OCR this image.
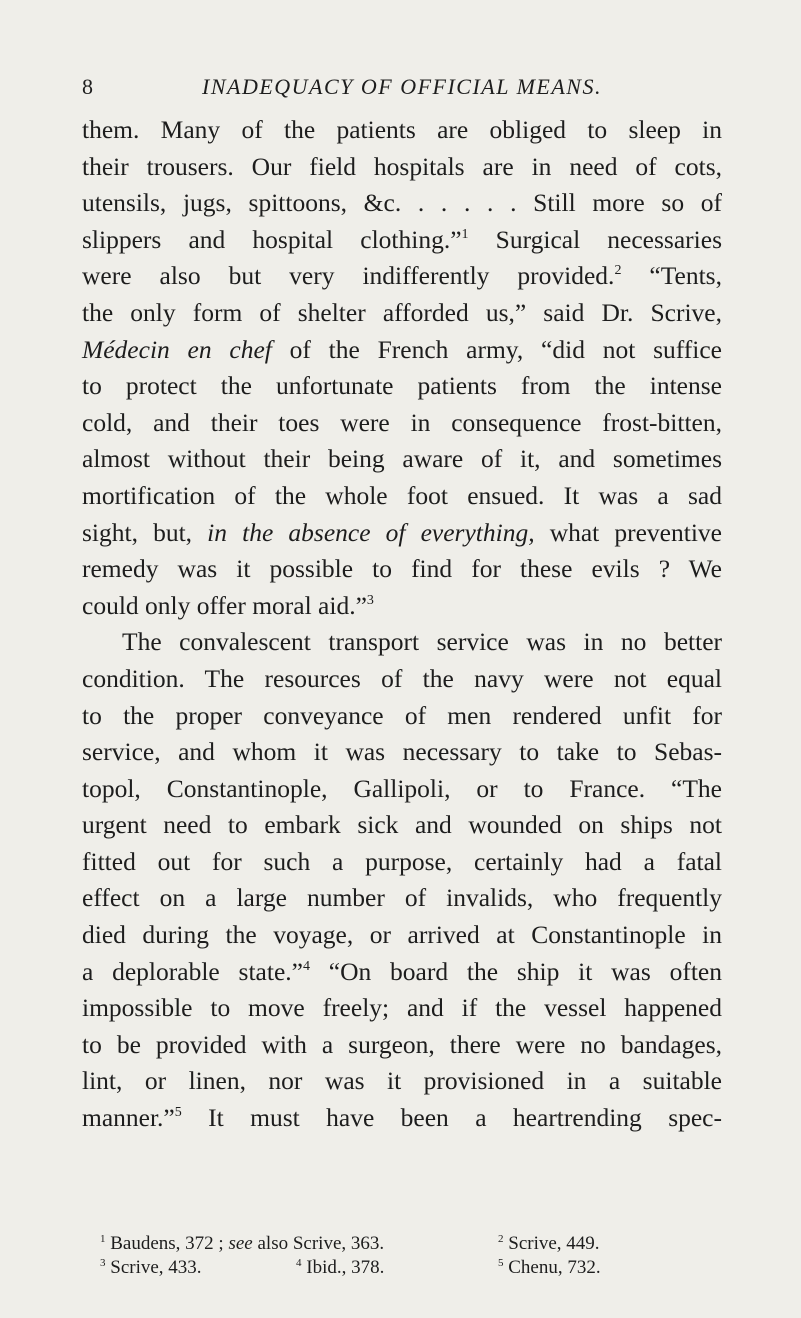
8	INADEQUACY OF OFFICIAL MEANS.
them. Many of the patients are obliged to sleep in
their trousers. Our field hospitals are in need of cots,
utensils, jugs, spittoons, &c. . . . . . Still more so of
slippers and hospital clothing.”$^1$ Surgical necessaries
were also but very indifferently provided.$^2$ “Tents,
the only form of shelter afforded us,” said Dr. Scrive,
Médecin en chef of the French army, “did not suffice
to protect the unfortunate patients from the intense
cold, and their toes were in consequence frost-bitten,
almost without their being aware of it, and sometimes
mortification of the whole foot ensued. It was a sad
sight, but, in the absence of everything, what preventive
remedy was it possible to find for these evils ? We
could only offer moral aid.”$^3$
The convalescent transport service was in no better
condition. The resources of the navy were not equal
to the proper conveyance of men rendered unfit for
service, and whom it was necessary to take to Sebas-
topol, Constantinople, Gallipoli, or to France. “The
urgent need to embark sick and wounded on ships not
fitted out for such a purpose, certainly had a fatal
effect on a large number of invalids, who frequently
died during the voyage, or arrived at Constantinople in
a deplorable state.”$^4$ “On board the ship it was often
impossible to move freely; and if the vessel happened
to be provided with a surgeon, there were no bandages,
lint, or linen, nor was it provisioned in a suitable
manner.”$^5$ It must have been a heartrending spec-
$^1$ Baudens, 372 ; see also Scrive, 363.	$^2$ Scrive, 449.
$^3$ Scrive, 433.	$^4$ Ibid., 378.	$^5$ Chenu, 732.
